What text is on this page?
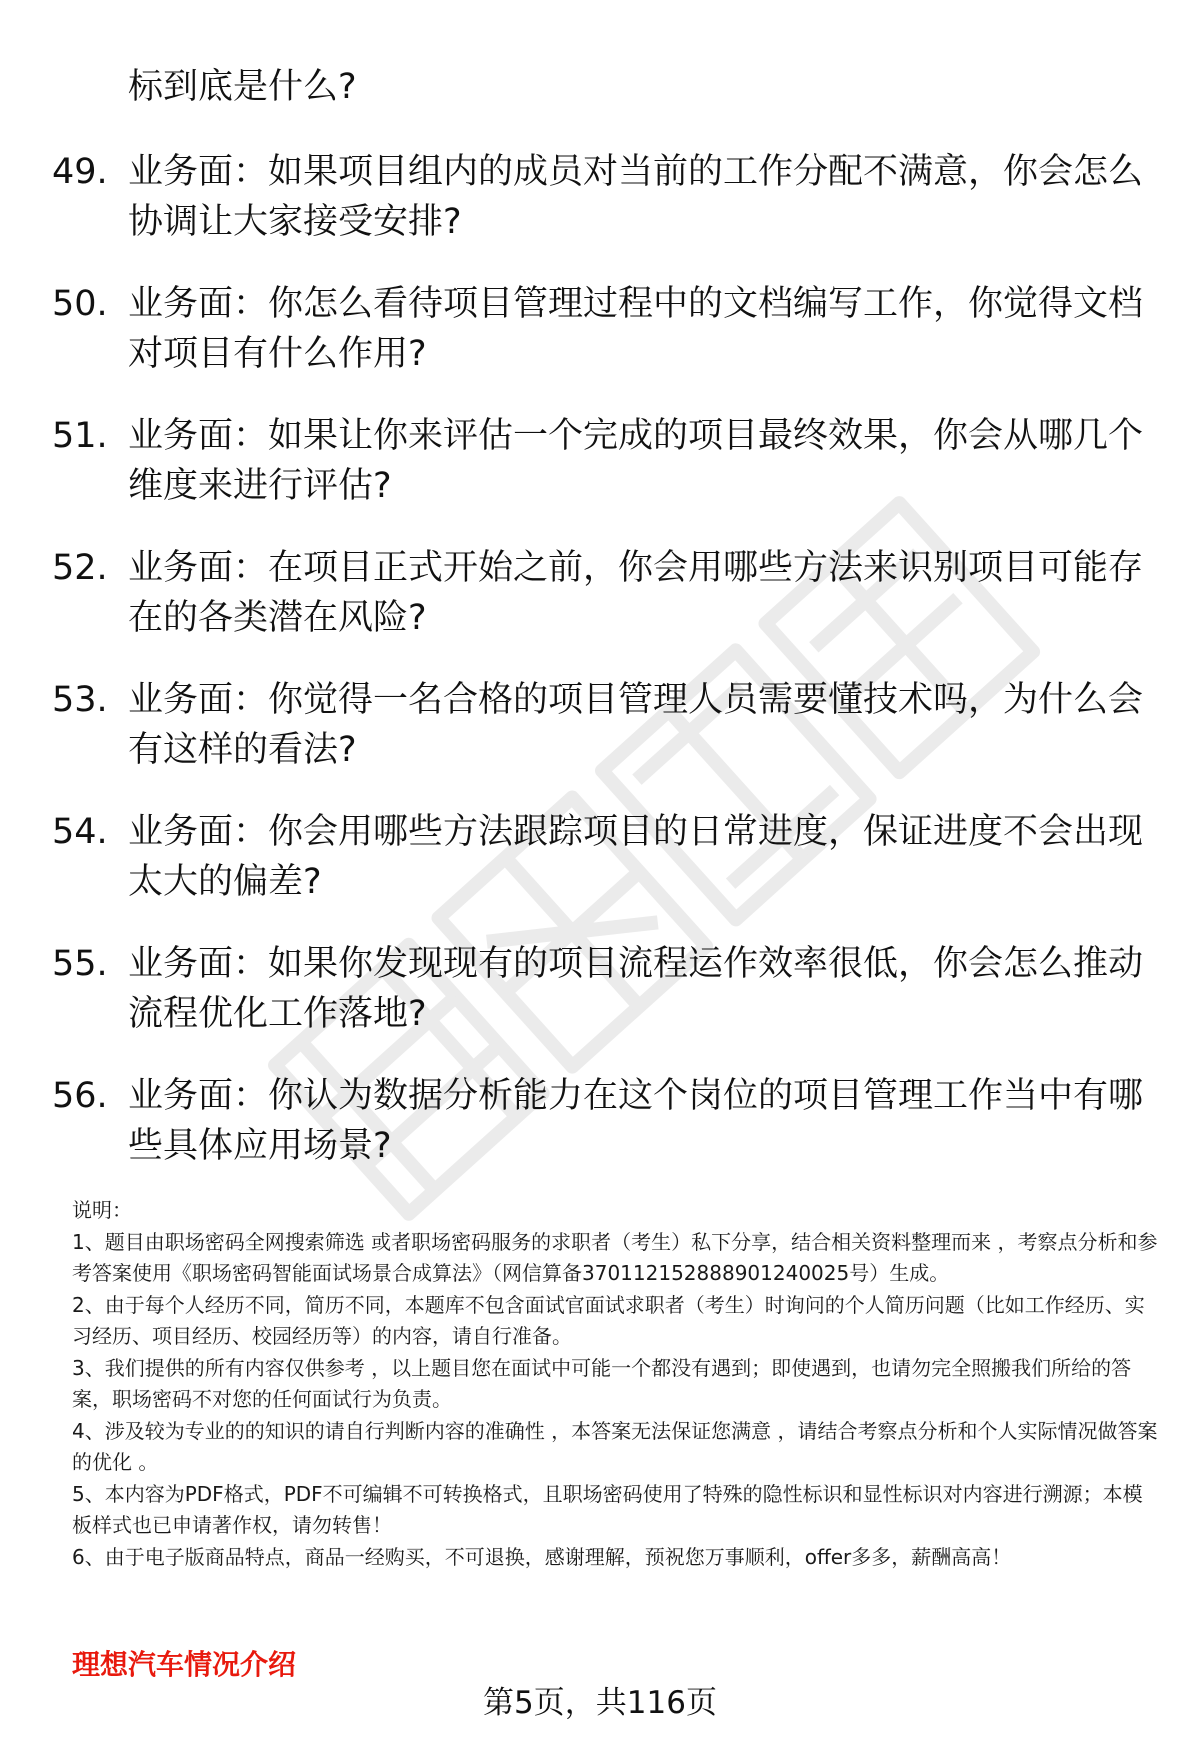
标到底是什么?
49. 业务面：如果项目组内的成员对当前的工作分配不满意，你会怎么协调让大家接受安排?
50. 业务面：你怎么看待项目管理过程中的文档编写工作，你觉得文档对项目有什么作用?
51. 业务面：如果让你来评估一个完成的项目最终效果，你会从哪几个维度来进行评估?
52. 业务面：在项目正式开始之前，你会用哪些方法来识别项目可能存在的各类潜在风险?
53. 业务面：你觉得一名合格的项目管理人员需要懂技术吗，为什么会有这样的看法?
54. 业务面：你会用哪些方法跟踪项目的日常进度，保证进度不会出现太大的偏差?
55. 业务面：如果你发现现有的项目流程运作效率很低，你会怎么推动流程优化工作落地?
56. 业务面：你认为数据分析能力在这个岗位的项目管理工作当中有哪些具体应用场景?

说明：

1、题目由职场密码全网搜索筛选 或者职场密码服务的求职者（考生）私下分享，结合相关资料整理而来 ，考察点分析和参考答案使用《职场密码智能面试场景合成算法》（网信算备370112152888901240025号）生成。

2、由于每个人经历不同，简历不同，本题库不包含面试官面试求职者（考生）时询问的个人简历问题（比如工作经历、实习经历、项目经历、校园经历等）的内容，请自行准备。

3、我们提供的所有内容仅供参考 ，以上题目您在面试中可能一个都没有遇到；即使遇到，也请勿完全照搬我们所给的答案，职场密码不对您的任何面试行为负责。

4、涉及较为专业的的知识的请自行判断内容的准确性 ，本答案无法保证您满意 ，请结合考察点分析和个人实际情况做答案的优化 。

5、本内容为PDF格式，PDF不可编辑不可转换格式，且职场密码使用了特殊的隐性标识和显性标识对内容进行溯源；本模板样式也已申请著作权，请勿转售！

6、由于电子版商品特点，商品一经购买，不可退换，感谢理解，预祝您万事顺利，offer多多，薪酬高高！

理想汽车情况介绍
第5页，共116页
